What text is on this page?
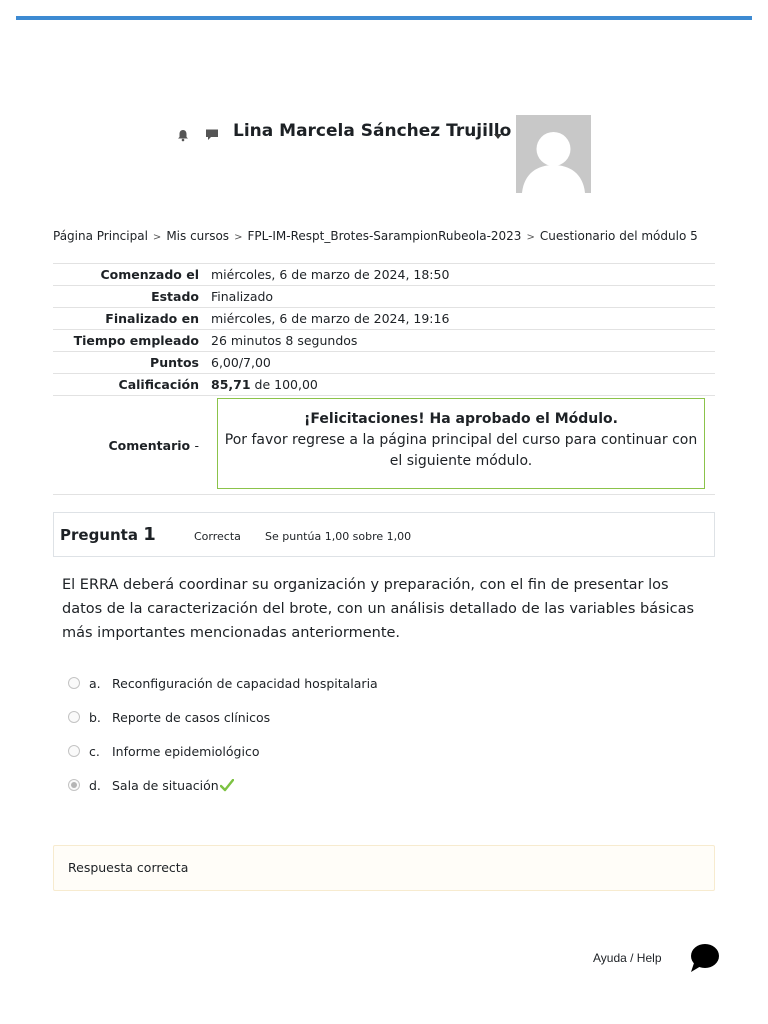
Lina Marcela Sánchez Trujillo
Página Principal > Mis cursos > FPL-IM-Respt_Brotes-SarampionRubeola-2023 > Cuestionario del módulo 5
Comenzado el	miércoles, 6 de marzo de 2024, 18:50
Estado	Finalizado
Finalizado en	miércoles, 6 de marzo de 2024, 19:16
Tiempo empleado	26 minutos 8 segundos
Puntos	6,00/7,00
Calificación	85,71 de 100,00
Comentario -	¡Felicitaciones! Ha aprobado el Módulo.
Por favor regrese a la página principal del curso para continuar con el siguiente módulo.
Pregunta 1	Correcta Se puntúa 1,00 sobre 1,00
El ERRA deberá coordinar su organización y preparación, con el fin de presentar los datos de la caracterización del brote, con un análisis detallado de las variables básicas más importantes mencionadas anteriormente.
a. Reconfiguración de capacidad hospitalaria
b. Reporte de casos clínicos
c. Informe epidemiológico
d. Sala de situación
Respuesta correcta
Ayuda / Help
